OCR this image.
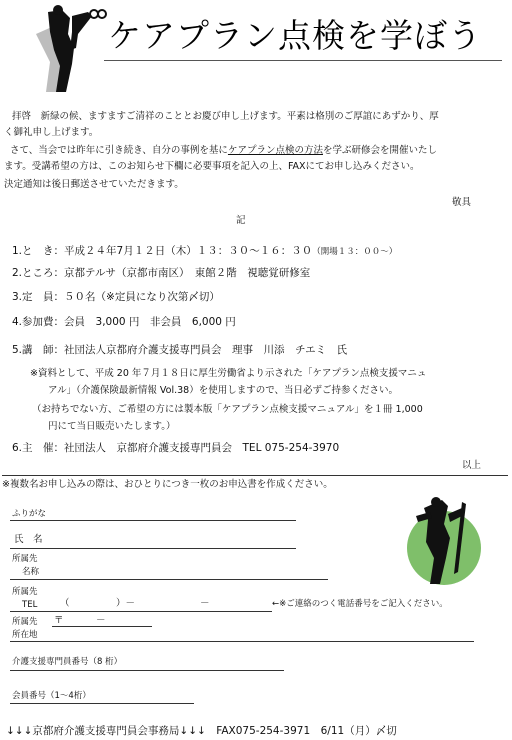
ケアプラン点検を学ぼう
拝啓　新緑の候、ますますご清祥のこととお慶び申し上げます。平素は格別のご厚誼にあずかり、厚
く御礼申し上げます。
さて、当会では昨年に引き続き、自分の事例を基にケアプラン点検の方法を学ぶ研修会を開催いたし
ます。受講希望の方は、このお知らせ下欄に必要事項を記入の上、FAXにてお申し込みください。
決定通知は後日郵送させていただきます。
敬具
記
1.と　き：平成２４年7月１２日（木）１３：３０～１６：３０（開場１３：００～）
2.ところ：京都テルサ（京都市南区）　東館２階　視聴覚研修室
3.定　員：５０名（※定員になり次第〆切）
4.参加費：会員　3,000 円　非会員　6,000 円
5.講　師：社団法人京都府介護支援専門員会　理事　川添　チエミ　氏
※資料として、平成 20 年７月１８日に厚生労働省より示された「ケアプラン点検支援マニュ
アル」（介護保険最新情報 Vol.38）を使用しますので、当日必ずご持参ください。
（お持ちでない方、ご希望の方には製本版「ケアプラン点検支援マニュアル」を１冊 1,000
円にて当日販売いたします。）
6.主　催：社団法人　京都府介護支援専門員会　TEL 075-254-3970
以上
※複数名お申し込みの際は、おひとりにつき一枚のお申込書を作成ください。
ふりがな
氏　名
所属先
名称
所属先
TEL （	）－	－	←※ご連絡のつく電話番号をご記入ください。
所属先
所在地
〒	－
介護支援専門員番号（8 桁）
会員番号（1～4桁）
↓↓↓京都府介護支援専門員会事務局↓↓↓　FAX075-254-3971　6/11（月）〆切
